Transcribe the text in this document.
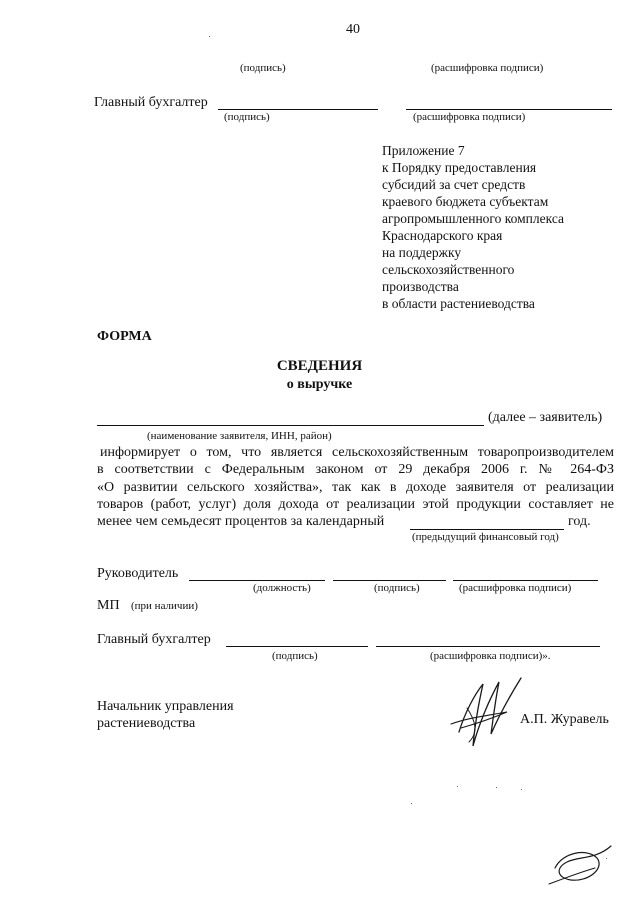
40
(подпись)	(расшифровка подписи)
Главный бухгалтер
(подпись)	(расшифровка подписи)
Приложение 7
к Порядку предоставления
субсидий за счет средств
краевого бюджета субъектам
агропромышленного комплекса
Краснодарского края
на поддержку
сельскохозяйственного
производства
в области растениеводства
ФОРМА
СВЕДЕНИЯ
о выручке
(далее – заявитель)
(наименование заявителя, ИНН, район)
информирует о том, что является сельскохозяйственным товаропроизводителем
в соответствии с Федеральным законом от 29 декабря 2006 г. № 264-ФЗ
«О развитии сельского хозяйства», так как в доходе заявителя от реализации
товаров (работ, услуг) доля дохода от реализации этой продукции составляет не
менее чем семьдесят процентов за календарный	год.
(предыдущий финансовый год)
Руководитель
(должность)	(подпись)	(расшифровка подписи)
МП (при наличии)
Главный бухгалтер
(подпись)	(расшифровка подписи)».
Начальник управления
растениеводства	А.П. Журавель
